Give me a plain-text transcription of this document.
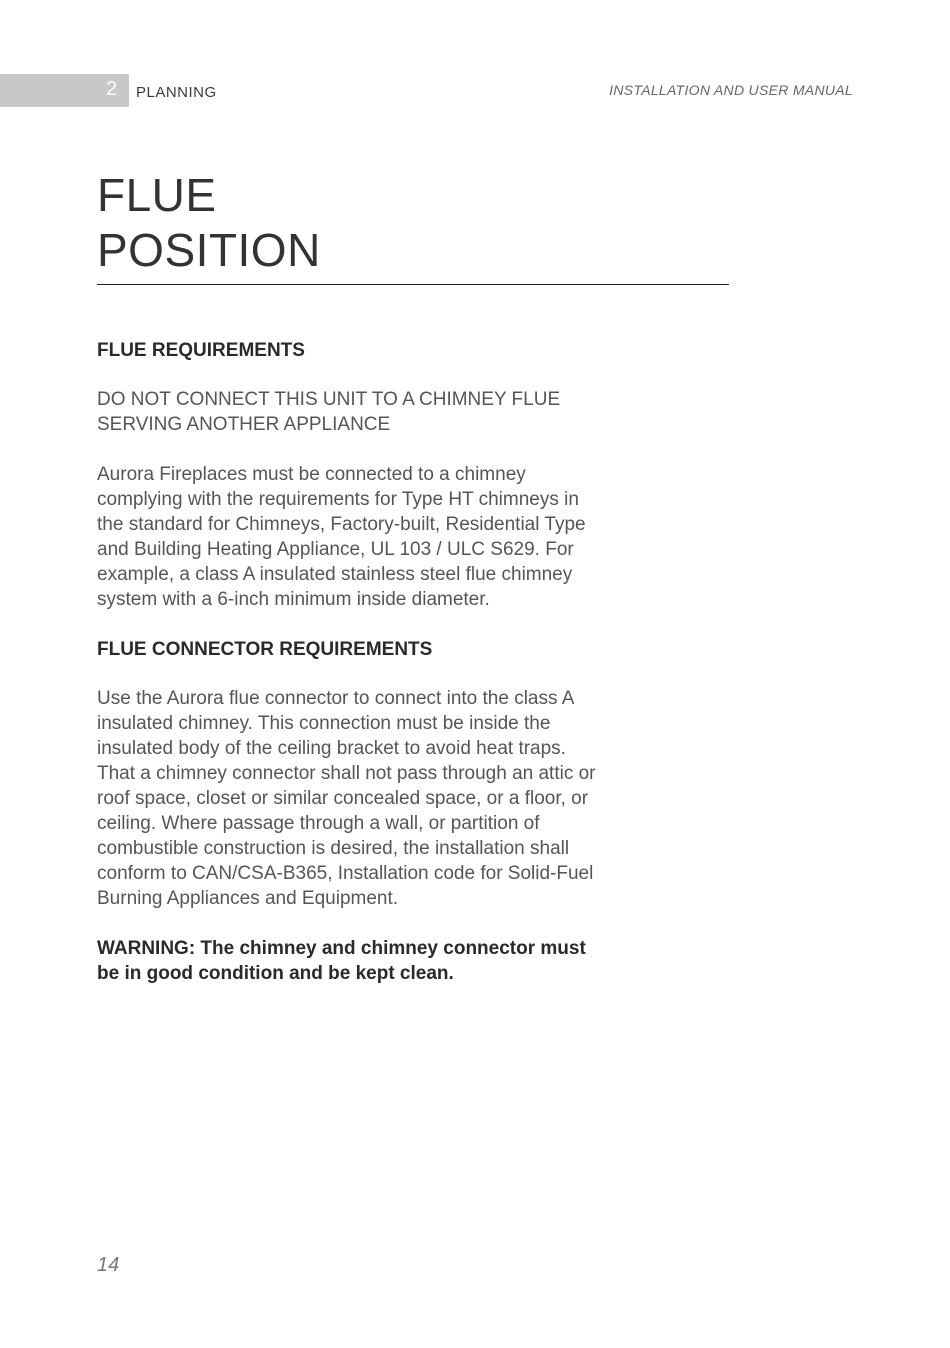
2 PLANNING	INSTALLATION AND USER MANUAL
FLUE
POSITION
FLUE REQUIREMENTS

DO NOT CONNECT THIS UNIT TO A CHIMNEY FLUE SERVING ANOTHER APPLIANCE

Aurora Fireplaces must be connected to a chimney complying with the requirements for Type HT chimneys in the standard for Chimneys, Factory-built, Residential Type and Building Heating Appliance, UL 103 / ULC S629. For example, a class A insulated stainless steel flue chimney system with a 6-inch minimum inside diameter.

FLUE CONNECTOR REQUIREMENTS

Use the Aurora flue connector to connect into the class A insulated chimney. This connection must be inside the insulated body of the ceiling bracket to avoid heat traps. That a chimney connector shall not pass through an attic or roof space, closet or similar concealed space, or a floor, or ceiling. Where passage through a wall, or partition of combustible construction is desired, the installation shall conform to CAN/CSA-B365, Installation code for Solid-Fuel Burning Appliances and Equipment.

WARNING: The chimney and chimney connector must be in good condition and be kept clean.

14
